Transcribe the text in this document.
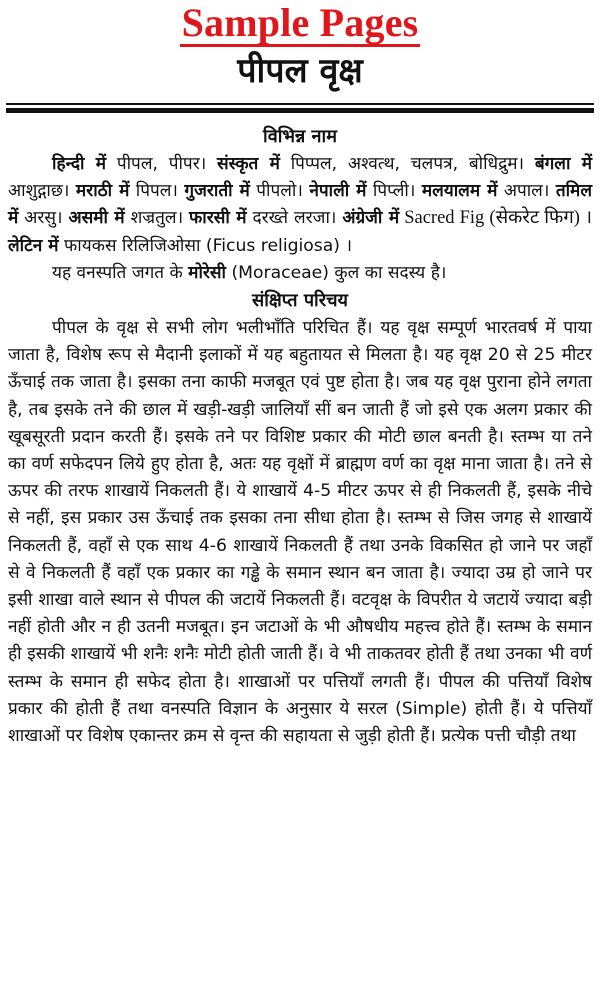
Sample Pages
पीपल वृक्ष
विभिन्न नाम

हिन्दी में पीपल, पीपर। संस्कृत में पिप्पल, अश्वत्थ, चलपत्र, बोधिद्रुम। बंगला में आशुद्गाछ। मराठी में पिपल। गुजराती में पीपलो। नेपाली में पिप्ली। मलयालम में अपाल। तमिल में अरसु। असमी में शज्रतुल। फारसी में दरख्ते लरजा। अंग्रेजी में Sacred Fig (सेकरेट फिग) । लेटिन में फायकस रिलिजिओसा (Ficus religiosa) ।

यह वनस्पति जगत के मोरेसी (Moraceae) कुल का सदस्य है।

संक्षिप्त परिचय

पीपल के वृक्ष से सभी लोग भलीभाँति परिचित हैं। यह वृक्ष सम्पूर्ण भारतवर्ष में पाया जाता है, विशेष रूप से मैदानी इलाकों में यह बहुतायत से मिलता है। यह वृक्ष 20 से 25 मीटर ऊँचाई तक जाता है। इसका तना काफी मजबूत एवं पुष्ट होता है। जब यह वृक्ष पुराना होने लगता है, तब इसके तने की छाल में खड़ी-खड़ी जालियाँ सीं बन जाती हैं जो इसे एक अलग प्रकार की खूबसूरती प्रदान करती हैं। इसके तने पर विशिष्ट प्रकार की मोटी छाल बनती है। स्तम्भ या तने का वर्ण सफेदपन लिये हुए होता है, अतः यह वृक्षों में ब्राह्मण वर्ण का वृक्ष माना जाता है। तने से ऊपर की तरफ शाखायें निकलती हैं। ये शाखायें 4-5 मीटर ऊपर से ही निकलती हैं, इसके नीचे से नहीं, इस प्रकार उस ऊँचाई तक इसका तना सीधा होता है। स्तम्भ से जिस जगह से शाखायें निकलती हैं, वहाँ से एक साथ 4-6 शाखायें निकलती हैं तथा उनके विकसित हो जाने पर जहाँ से वे निकलती हैं वहाँ एक प्रकार का गड्ढे के समान स्थान बन जाता है। ज्यादा उम्र हो जाने पर इसी शाखा वाले स्थान से पीपल की जटायें निकलती हैं। वटवृक्ष के विपरीत ये जटायें ज्यादा बड़ी नहीं होती और न ही उतनी मजबूत। इन जटाओं के भी औषधीय महत्त्व होते हैं। स्तम्भ के समान ही इसकी शाखायें भी शनैः शनैः मोटी होती जाती हैं। वे भी ताकतवर होती हैं तथा उनका भी वर्ण स्तम्भ के समान ही सफेद होता है। शाखाओं पर पत्तियाँ लगती हैं। पीपल की पत्तियाँ विशेष प्रकार की होती हैं तथा वनस्पति विज्ञान के अनुसार ये सरल (Simple) होती हैं। ये पत्तियाँ शाखाओं पर विशेष एकान्तर क्रम से वृन्त की सहायता से जुड़ी होती हैं। प्रत्येक पत्ती चौड़ी तथा
